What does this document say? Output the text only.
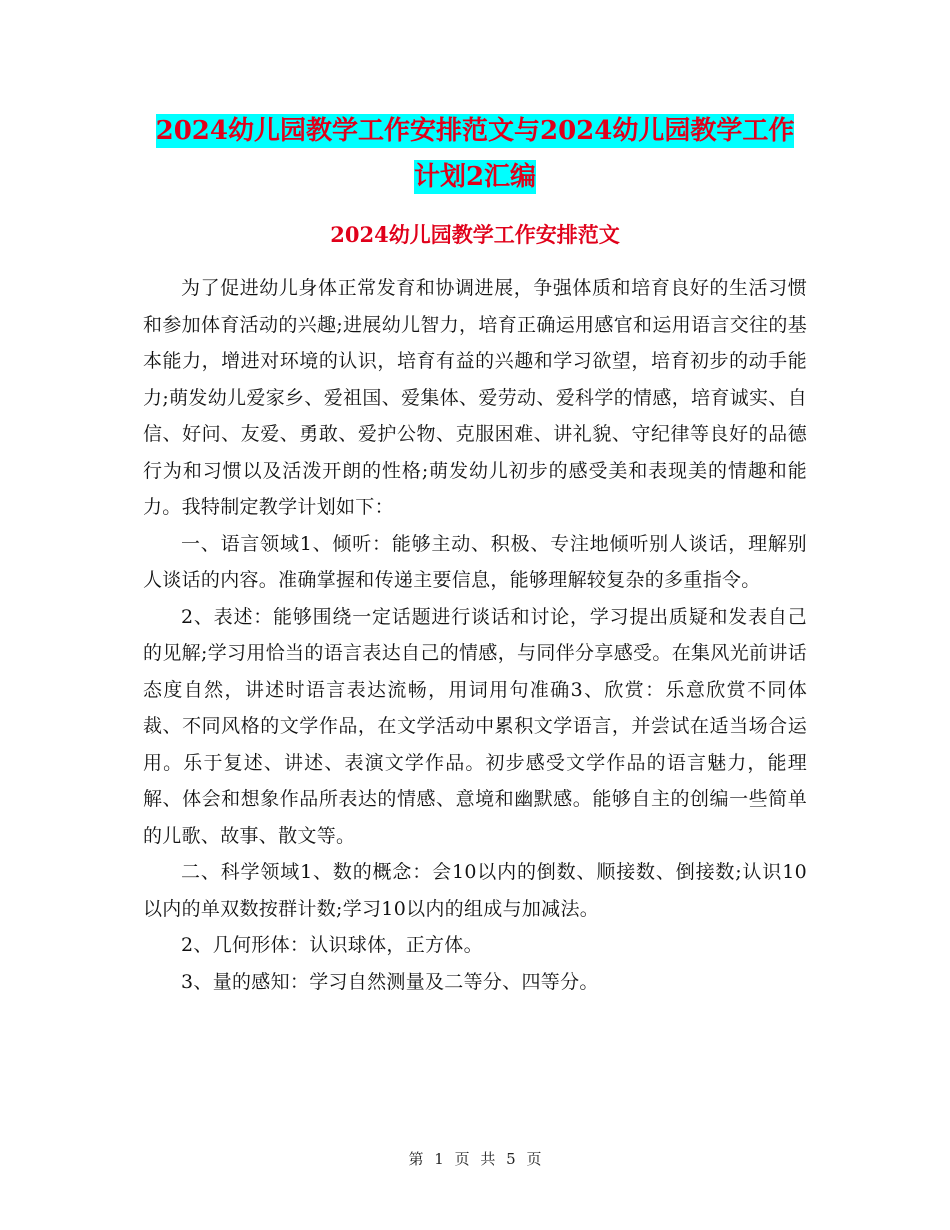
2024幼儿园教学工作安排范文与2024幼儿园教学工作
计划2汇编
2024幼儿园教学工作安排范文

为了促进幼儿身体正常发育和协调进展，争强体质和培育良好的生活习惯和参加体育活动的兴趣;进展幼儿智力，培育正确运用感官和运用语言交往的基本能力，增进对环境的认识，培育有益的兴趣和学习欲望，培育初步的动手能力;萌发幼儿爱家乡、爱祖国、爱集体、爱劳动、爱科学的情感，培育诚实、自信、好问、友爱、勇敢、爱护公物、克服困难、讲礼貌、守纪律等良好的品德行为和习惯以及活泼开朗的性格;萌发幼儿初步的感受美和表现美的情趣和能力。我特制定教学计划如下：

一、语言领域1、倾听：能够主动、积极、专注地倾听别人谈话，理解别人谈话的内容。准确掌握和传递主要信息，能够理解较复杂的多重指令。

2、表述：能够围绕一定话题进行谈话和讨论，学习提出质疑和发表自己的见解;学习用恰当的语言表达自己的情感，与同伴分享感受。在集风光前讲话态度自然，讲述时语言表达流畅，用词用句准确3、欣赏：乐意欣赏不同体裁、不同风格的文学作品，在文学活动中累积文学语言，并尝试在适当场合运用。乐于复述、讲述、表演文学作品。初步感受文学作品的语言魅力，能理解、体会和想象作品所表达的情感、意境和幽默感。能够自主的创编一些简单的儿歌、故事、散文等。

二、科学领域1、数的概念：会10以内的倒数、顺接数、倒接数;认识10以内的单双数按群计数;学习10以内的组成与加减法。

2、几何形体：认识球体，正方体。

3、量的感知：学习自然测量及二等分、四等分。

第 1 页 共 5 页
